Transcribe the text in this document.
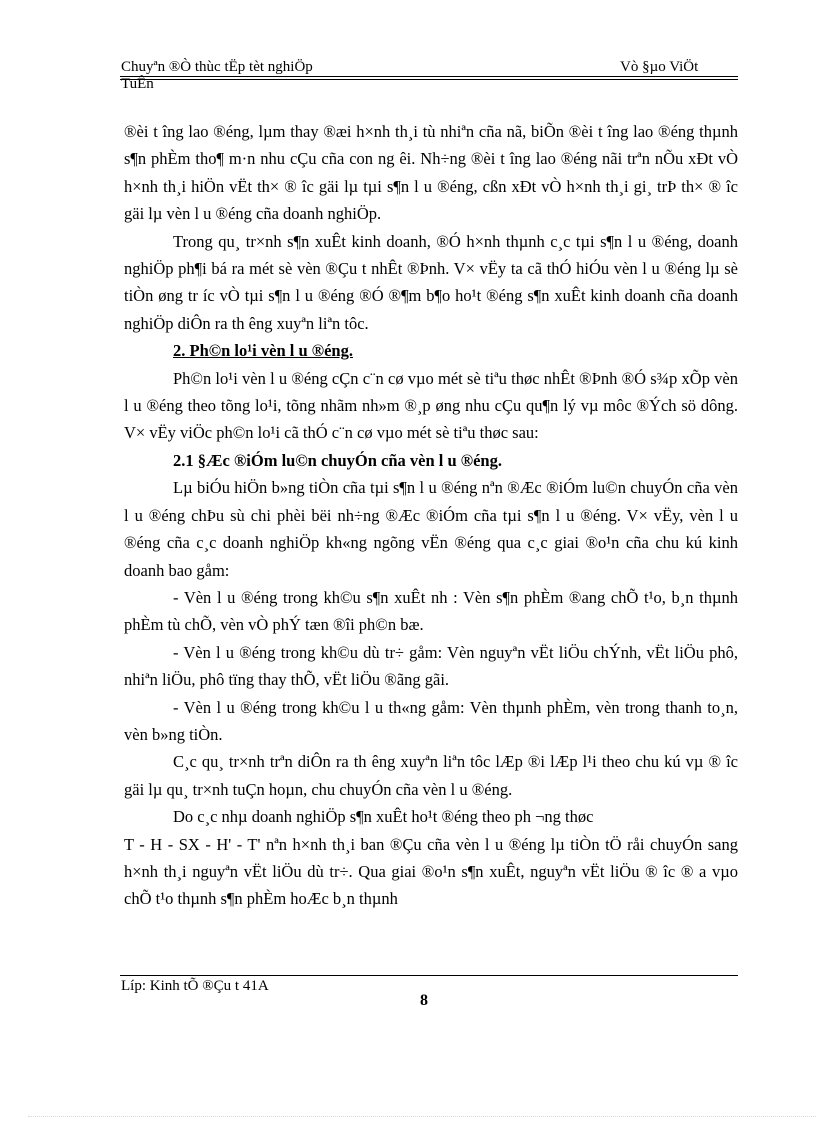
Chuyªn ®Ò thùc tËp tèt nghiÖp
TuÊn
Vò §µo ViÖt

®èi t îng lao ®éng, lµm thay ®æi h×nh th¸i tù nhiªn cña nã, biÕn ®èi t îng lao ®éng thµnh s¶n phÈm tho¶ m·n nhu cÇu cña con ng êi. Nh÷ng ®èi t îng lao ®éng nãi trªn nÕu xÐt vÒ h×nh th¸i hiÖn vËt th× ® îc gäi lµ tµi s¶n l u ®éng, cßn xÐt vÒ h×nh th¸i gi¸ trÞ th× ® îc gäi lµ vèn l u ®éng cña doanh nghiÖp.

Trong qu¸ tr×nh s¶n xuÊt kinh doanh, ®Ó h×nh thµnh c¸c tµi s¶n l u ®éng, doanh nghiÖp ph¶i bá ra mét sè vèn ®Çu t nhÊt ®Þnh. V× vËy ta cã thÓ hiÓu vèn l u ®éng lµ sè tiÒn øng tr íc vÒ tµi s¶n l u ®éng ®Ó ®¶m b¶o ho¹t ®éng s¶n xuÊt kinh doanh cña doanh nghiÖp diÔn ra th êng xuyªn liªn tôc.

2. Ph©n lo¹i vèn l u ®éng.

Ph©n lo¹i vèn l u ®éng cÇn c¨n cø vµo mét sè tiªu thøc nhÊt ®Þnh ®Ó s¾p xÕp vèn l u ®éng theo tõng lo¹i, tõng nhãm nh»m ®¸p øng nhu cÇu qu¶n lý vµ môc ®Ých sö dông. V× vËy viÖc ph©n lo¹i cã thÓ c¨n cø vµo mét sè tiªu thøc sau:

2.1 §Æc ®iÓm lu©n chuyÓn cña vèn l u ®éng.

Lµ biÓu hiÖn b»ng tiÒn cña tµi s¶n l u ®éng nªn ®Æc ®iÓm lu©n chuyÓn cña vèn l u ®éng chÞu sù chi phèi bëi nh÷ng ®Æc ®iÓm cña tµi s¶n l u ®éng. V× vËy, vèn l u ®éng cña c¸c doanh nghiÖp kh«ng ngõng vËn ®éng qua c¸c giai ®o¹n cña chu kú kinh doanh bao gåm:

- Vèn l u ®éng trong kh©u s¶n xuÊt nh : Vèn s¶n phÈm ®ang chÕ t¹o, b¸n thµnh phÈm tù chÕ, vèn vÒ phÝ tæn ®îi ph©n bæ.

- Vèn l u ®éng trong kh©u dù tr÷ gåm: Vèn nguyªn vËt liÖu chÝnh, vËt liÖu phô, nhiªn liÖu, phô tïng thay thÕ, vËt liÖu ®ãng gãi.

- Vèn l u ®éng trong kh©u l u th«ng gåm: Vèn thµnh phÈm, vèn trong thanh to¸n, vèn b»ng tiÒn.

C¸c qu¸ tr×nh trªn diÔn ra th êng xuyªn liªn tôc lÆp ®i lÆp l¹i theo chu kú vµ ® îc gäi lµ qu¸ tr×nh tuÇn hoµn, chu chuyÓn cña vèn l u ®éng.

Do c¸c nhµ doanh nghiÖp s¶n xuÊt ho¹t ®éng theo ph ¬ng thøc

T - H - SX - H' - T' nªn h×nh th¸i ban ®Çu cña vèn l u ®éng lµ tiÒn tÖ råi chuyÓn sang h×nh th¸i nguyªn vËt liÖu dù tr÷. Qua giai ®o¹n s¶n xuÊt, nguyªn vËt liÖu ® îc ® a vµo chÕ t¹o thµnh s¶n phÈm hoÆc b¸n thµnh

Líp: Kinh tÕ ®Çu t 41A
8
